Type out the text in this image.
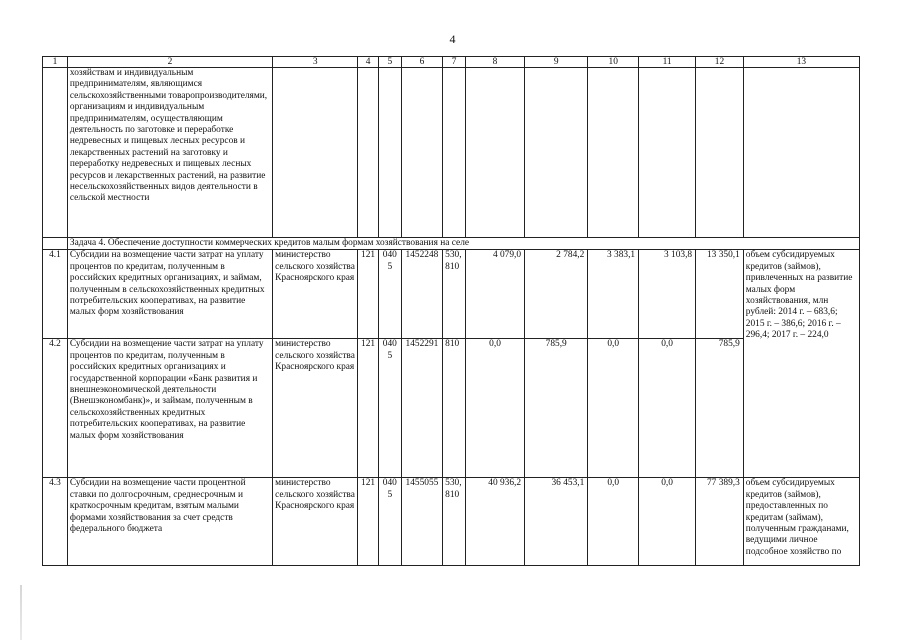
4
1	2	3	4	5	6	7	8	9	10	11	12	13
	хозяйствам и индивидуальным предпринимателям, являющимся сельскохозяйственными товаропроизводителями, организациям и индивидуальным предпринимателям, осуществляющим деятельность по заготовке и переработке недревесных и пищевых лесных ресурсов и лекарственных растений на заготовку и переработку недревесных и пищевых лесных ресурсов и лекарственных растений, на развитие несельскохозяйственных видов деятельности в сельской местности											
	Задача 4. Обеспечение доступности коммерческих кредитов малым формам хозяйствования на селе											
4.1	Субсидии на возмещение части затрат на уплату процентов по кредитам, полученным в российских кредитных организациях, и займам, полученным в сельскохозяйственных кредитных потребительских кооперативах, на развитие малых форм хозяйствования	министерство сельского хозяйства Красноярского края	121	0405	1452248	530, 810	4 079,0	2 784,2	3 383,1	3 103,8	13 350,1	объем субсидируемых кредитов (займов), привлеченных на развитие малых форм хозяйствования, млн рублей: 2014 г. – 683,6; 2015 г. – 386,6; 2016 г. – 296,4; 2017 г. – 224,0
4.2	Субсидии на возмещение части затрат на уплату процентов по кредитам, полученным в российских кредитных организациях и государственной корпорации «Банк развития и внешнеэкономической деятельности (Внешэкономбанк)», и займам, полученным в сельскохозяйственных кредитных потребительских кооперативах, на развитие малых форм хозяйствования	министерство сельского хозяйства Красноярского края	121	0405	1452291	810	0,0	785,9	0,0	0,0	785,9	
4.3	Субсидии на возмещение части процентной ставки по долгосрочным, среднесрочным и краткосрочным кредитам, взятым малыми формами хозяйствования за счет средств федерального бюджета	министерство сельского хозяйства Красноярского края	121	0405	1455055	530, 810	40 936,2	36 453,1	0,0	0,0	77 389,3	объем субсидируемых кредитов (займов), предоставленных по кредитам (займам), полученным гражданами, ведущими личное подсобное хозяйство по
